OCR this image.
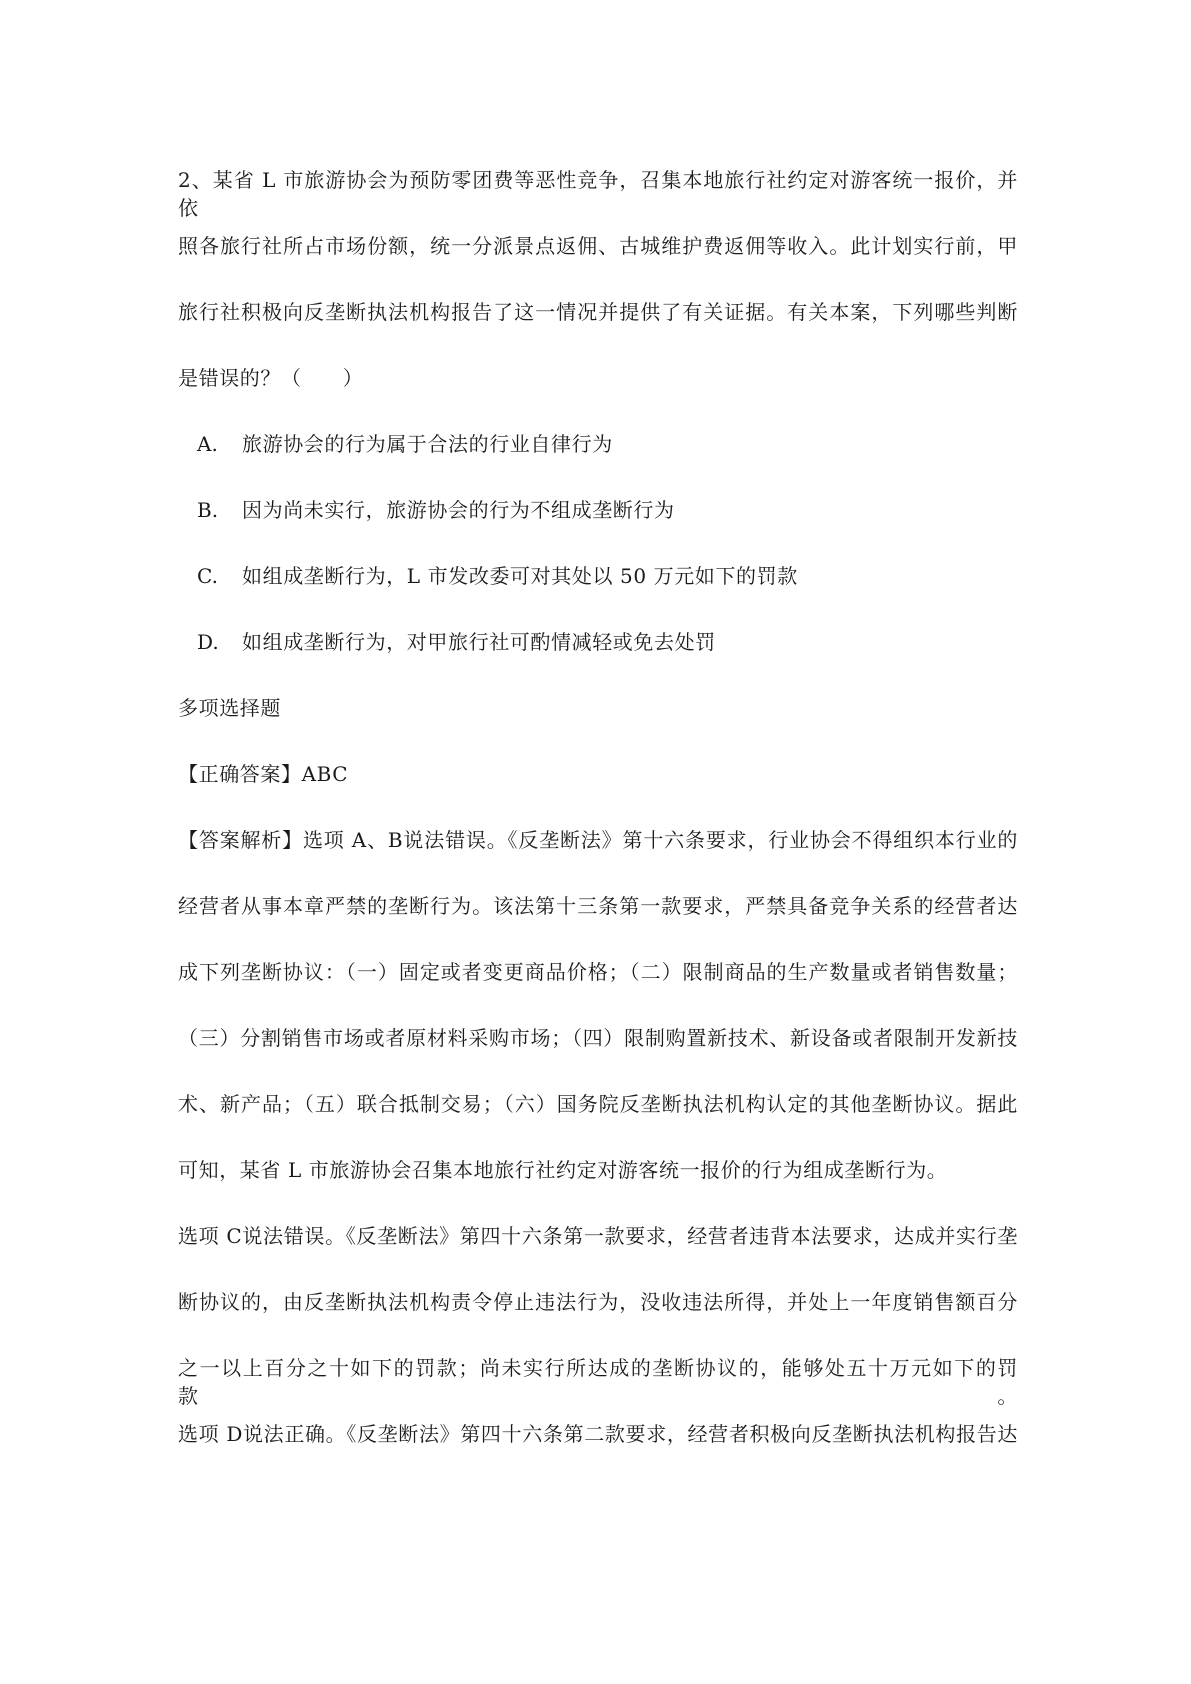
2、某省 L 市旅游协会为预防零团费等恶性竞争，召集本地旅行社约定对游客统一报价，并依
照各旅行社所占市场份额，统一分派景点返佣、古城维护费返佣等收入。此计划实行前，甲
旅行社积极向反垄断执法机构报告了这一情况并提供了有关证据。有关本案，下列哪些判断
是错误的？（　　）
A. 旅游协会的行为属于合法的行业自律行为
B. 因为尚未实行，旅游协会的行为不组成垄断行为
C. 如组成垄断行为，L 市发改委可对其处以 50 万元如下的罚款
D. 如组成垄断行为，对甲旅行社可酌情减轻或免去处罚
多项选择题
【正确答案】ABC
【答案解析】选项 A、B说法错误。《反垄断法》第十六条要求，行业协会不得组织本行业的
经营者从事本章严禁的垄断行为。该法第十三条第一款要求，严禁具备竞争关系的经营者达
成下列垄断协议：（一）固定或者变更商品价格；（二）限制商品的生产数量或者销售数量；
（三）分割销售市场或者原材料采购市场；（四）限制购置新技术、新设备或者限制开发新技
术、新产品；（五）联合抵制交易；（六）国务院反垄断执法机构认定的其他垄断协议。据此
可知，某省 L 市旅游协会召集本地旅行社约定对游客统一报价的行为组成垄断行为。
选项 C说法错误。《反垄断法》第四十六条第一款要求，经营者违背本法要求，达成并实行垄
断协议的，由反垄断执法机构责令停止违法行为，没收违法所得，并处上一年度销售额百分
之一以上百分之十如下的罚款；尚未实行所达成的垄断协议的，能够处五十万元如下的罚款。
选项 D说法正确。《反垄断法》第四十六条第二款要求，经营者积极向反垄断执法机构报告达
